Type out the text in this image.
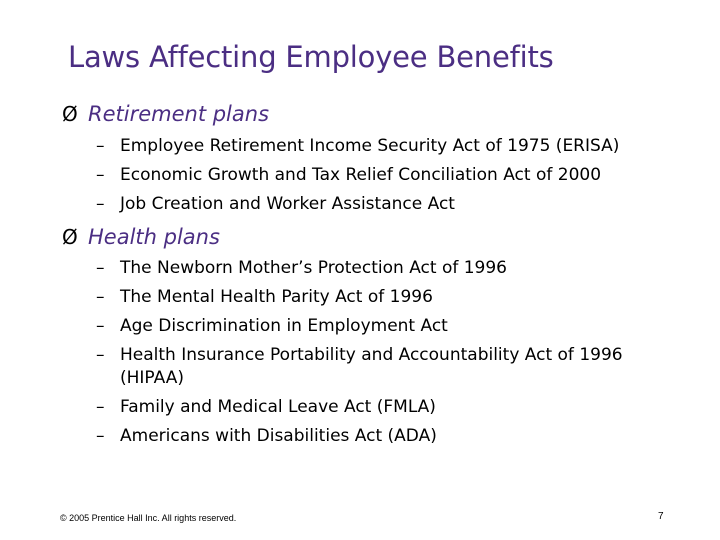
Laws Affecting Employee Benefits
Ø Retirement plans
– Employee Retirement Income Security Act of 1975 (ERISA)
– Economic Growth and Tax Relief Conciliation Act of 2000
– Job Creation and Worker Assistance Act
Ø Health plans
– The Newborn Mother’s Protection Act of 1996
– The Mental Health Parity Act of 1996
– Age Discrimination in Employment Act
– Health Insurance Portability and Accountability Act of 1996
(HIPAA)
– Family and Medical Leave Act (FMLA)
– Americans with Disabilities Act (ADA)
© 2005 Prentice Hall Inc. All rights reserved.	7
